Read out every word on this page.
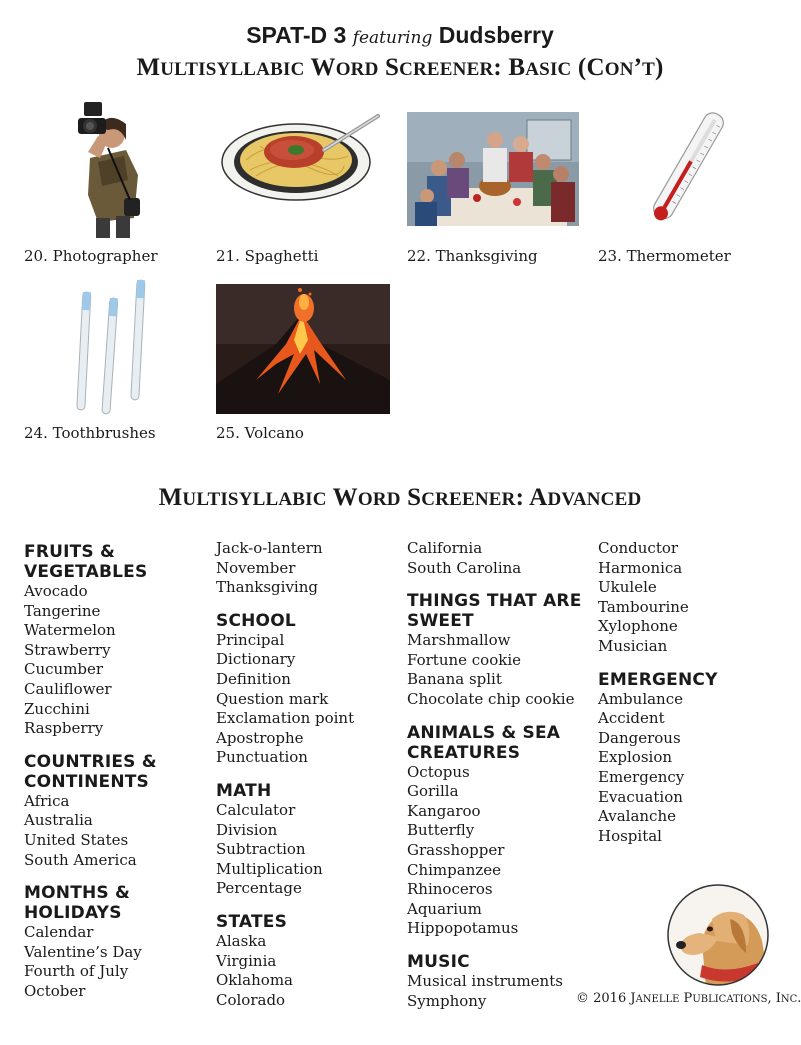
SPAT-D 3 featuring Dudsberry
MULTISYLLABIC WORD SCREENER: BASIC (CON’T)
20. Photographer	21. Spaghetti	22. Thanksgiving	23. Thermometer
24. Toothbrushes	25. Volcano
MULTISYLLABIC WORD SCREENER: ADVANCED
FRUITS & VEGETABLES
Avocado
Tangerine
Watermelon
Strawberry
Cucumber
Cauliflower
Zucchini
Raspberry
COUNTRIES & CONTINENTS
Africa
Australia
United States
South America
MONTHS & HOLIDAYS
Calendar
Valentine’s Day
Fourth of July
October
Jack-o-lantern
November
Thanksgiving
SCHOOL
Principal
Dictionary
Definition
Question mark
Exclamation point
Apostrophe
Punctuation
MATH
Calculator
Division
Subtraction
Multiplication
Percentage
STATES
Alaska
Virginia
Oklahoma
Colorado
California
South Carolina
THINGS THAT ARE SWEET
Marshmallow
Fortune cookie
Banana split
Chocolate chip cookie
ANIMALS & SEA CREATURES
Octopus
Gorilla
Kangaroo
Butterfly
Grasshopper
Chimpanzee
Rhinoceros
Aquarium
Hippopotamus
MUSIC
Musical instruments
Symphony
Conductor
Harmonica
Ukulele
Tambourine
Xylophone
Musician
EMERGENCY
Ambulance
Accident
Dangerous
Explosion
Emergency
Evacuation
Avalanche
Hospital
© 2016 JANELLE PUBLICATIONS, INC.
